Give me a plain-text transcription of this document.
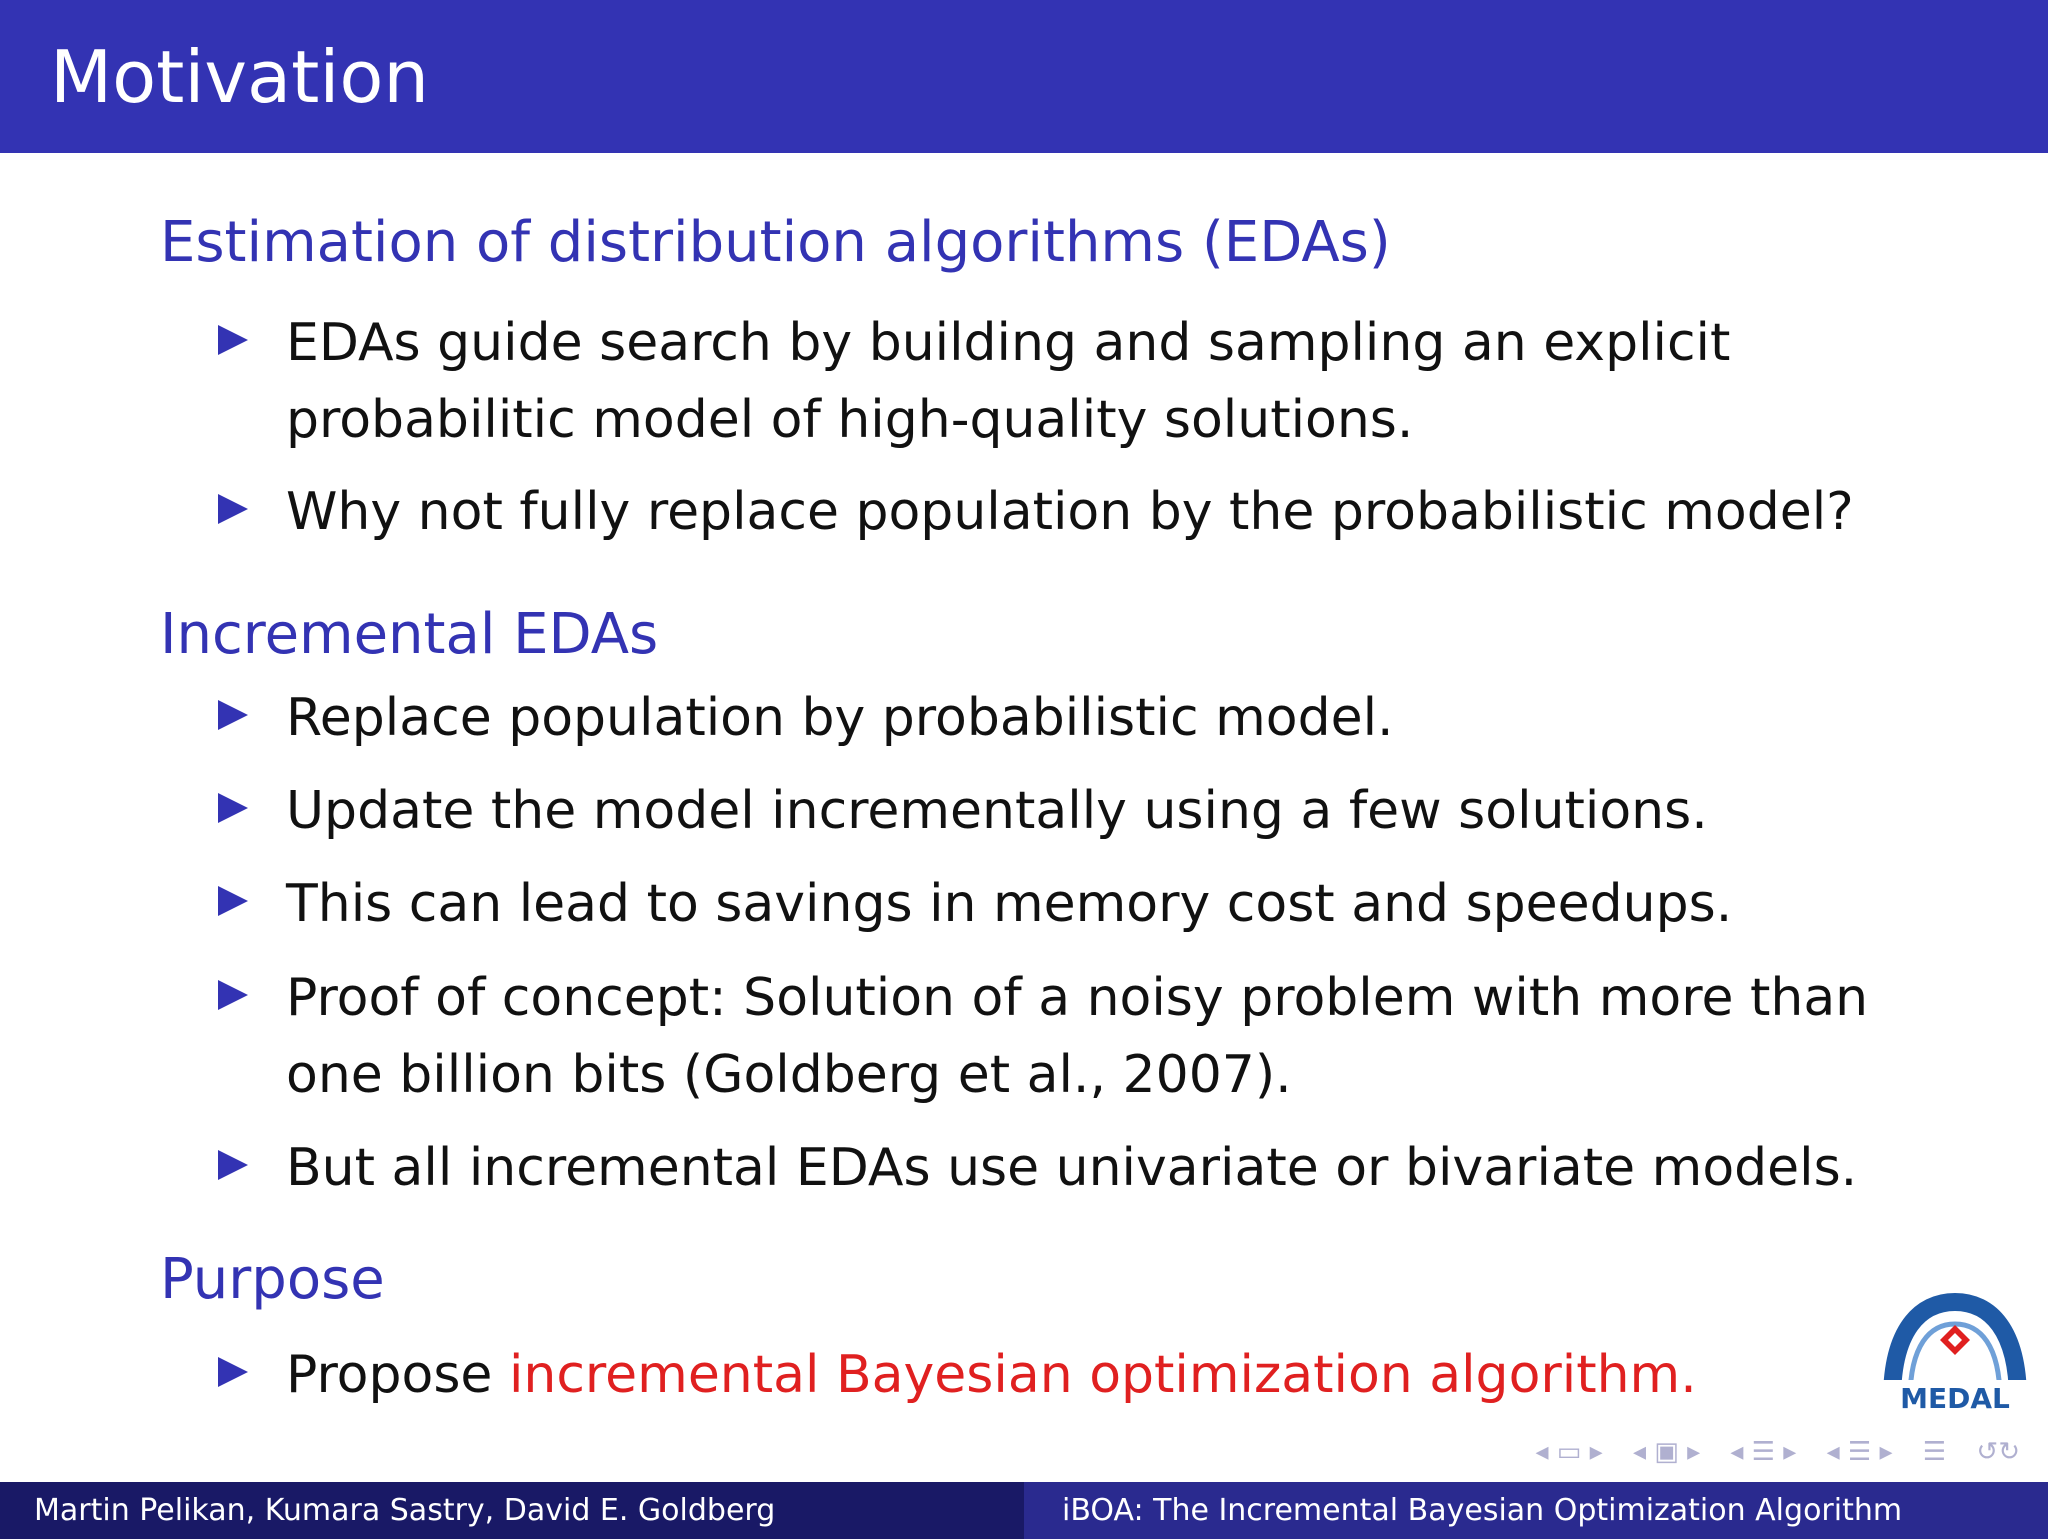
Motivation
Estimation of distribution algorithms (EDAs)
EDAs guide search by building and sampling an explicit probabilitic model of high-quality solutions.
Why not fully replace population by the probabilistic model?
Incremental EDAs
Replace population by probabilistic model.
Update the model incrementally using a few solutions.
This can lead to savings in memory cost and speedups.
Proof of concept: Solution of a noisy problem with more than one billion bits (Goldberg et al., 2007).
But all incremental EDAs use univariate or bivariate models.
Purpose
Propose incremental Bayesian optimization algorithm.	MEDAL
◂ ▭ ▸ ◂ ▣ ▸ ◂ ☰ ▸ ◂ ☰ ▸ ☰ ↺↻
Martin Pelikan, Kumara Sastry, David E. Goldberg	iBOA: The Incremental Bayesian Optimization Algorithm
